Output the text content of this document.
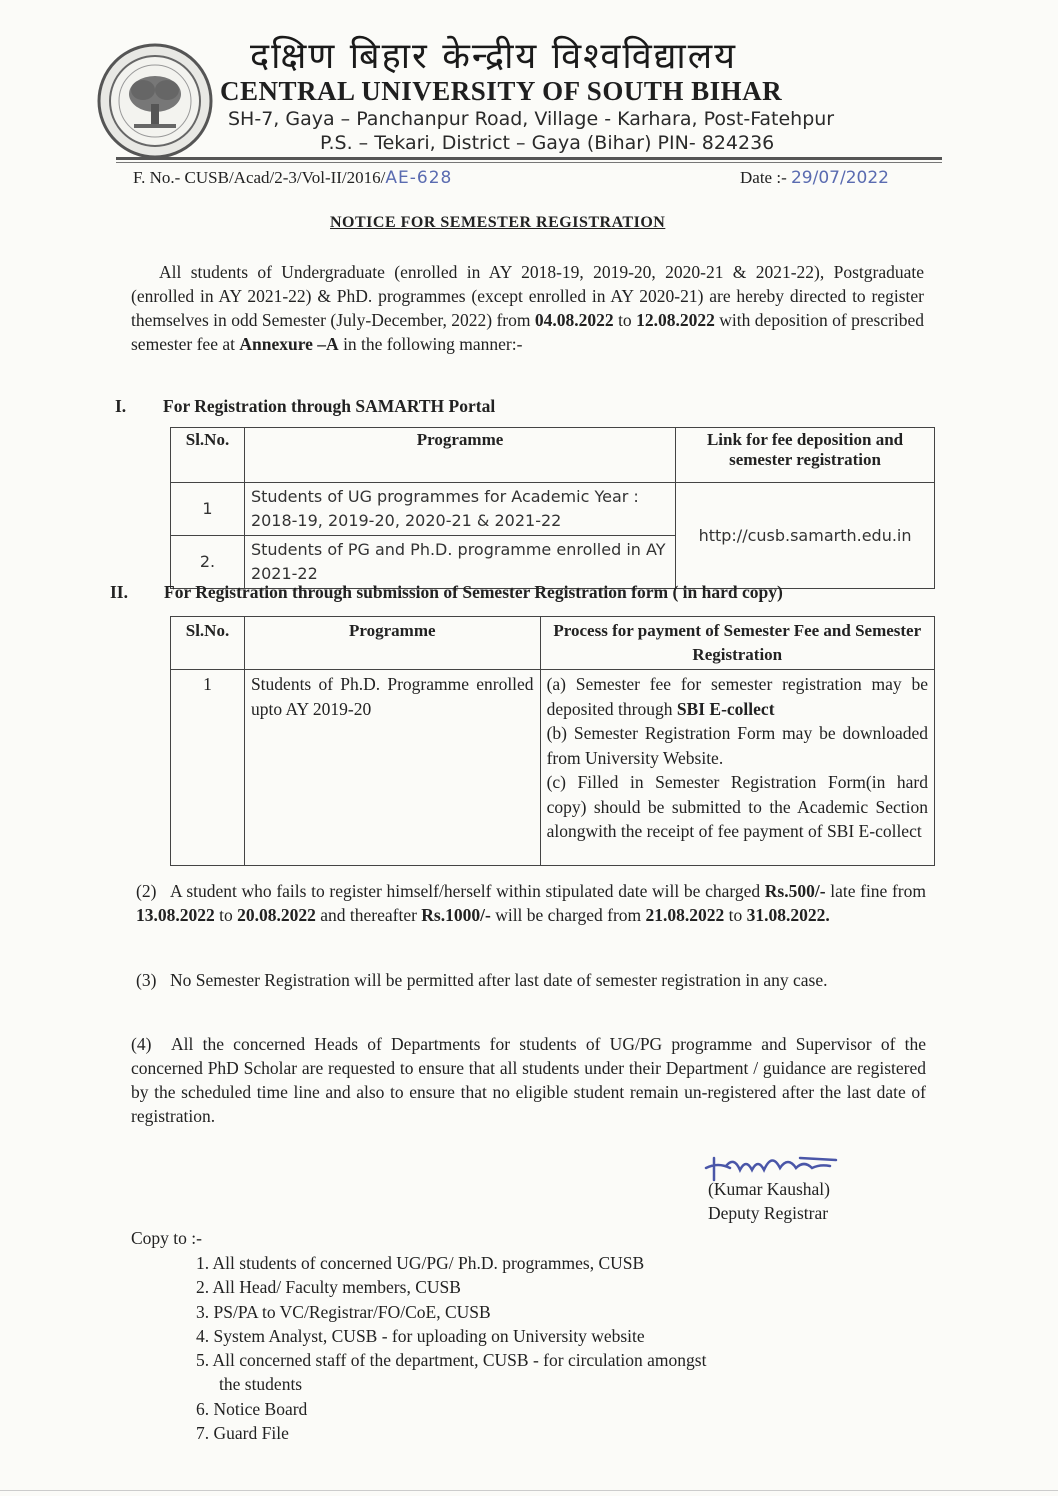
दक्षिण बिहार केन्द्रीय विश्वविद्यालय
CENTRAL UNIVERSITY OF SOUTH BIHAR
SH-7, Gaya – Panchanpur Road, Village - Karhara, Post-Fatehpur
P.S. – Tekari, District – Gaya (Bihar) PIN- 824236
F. No.- CUSB/Acad/2-3/Vol-II/2016/AE-628	Date :- 29/07/2022
NOTICE FOR SEMESTER REGISTRATION
All students of Undergraduate (enrolled in AY 2018-19, 2019-20, 2020-21 & 2021-22), Postgraduate (enrolled in AY 2021-22) & PhD. programmes (except enrolled in AY 2020-21) are hereby directed to register themselves in odd Semester (July-December, 2022) from 04.08.2022 to 12.08.2022 with deposition of prescribed semester fee at Annexure –A in the following manner:-
I. For Registration through SAMARTH Portal
Sl.No.	Programme	Link for fee deposition and semester registration
1	Students of UG programmes for Academic Year : 2018-19, 2019-20, 2020-21 & 2021-22	http://cusb.samarth.edu.in
2.	Students of PG and Ph.D. programme enrolled in AY 2021-22	
II. For Registration through submission of Semester Registration form ( in hard copy)
Sl.No.	Programme	Process for payment of Semester Fee and Semester Registration
1	Students of Ph.D. Programme enrolled upto AY 2019-20	(a) Semester fee for semester registration may be deposited through SBI E-collect
(b) Semester Registration Form may be downloaded from University Website.
(c) Filled in Semester Registration Form(in hard copy) should be submitted to the Academic Section alongwith the receipt of fee payment of SBI E-collect
(2) A student who fails to register himself/herself within stipulated date will be charged Rs.500/- late fine from 13.08.2022 to 20.08.2022 and thereafter Rs.1000/- will be charged from 21.08.2022 to 31.08.2022.
(3) No Semester Registration will be permitted after last date of semester registration in any case.
(4) All the concerned Heads of Departments for students of UG/PG programme and Supervisor of the concerned PhD Scholar are requested to ensure that all students under their Department / guidance are registered by the scheduled time line and also to ensure that no eligible student remain un-registered after the last date of registration.
(Kumar Kaushal)
Deputy Registrar
Copy to :-
1. All students of concerned UG/PG/ Ph.D. programmes, CUSB
2. All Head/ Faculty members, CUSB
3. PS/PA to VC/Registrar/FO/CoE, CUSB
4. System Analyst, CUSB - for uploading on University website
5. All concerned staff of the department, CUSB - for circulation amongst
the students
6. Notice Board
7. Guard File
